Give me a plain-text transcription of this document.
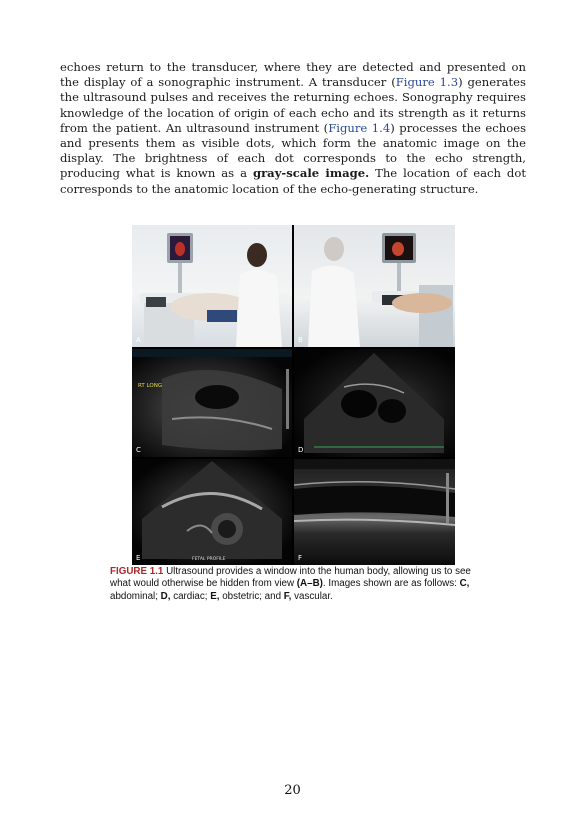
echoes return to the transducer, where they are detected and presented on the display of a sonographic instrument. A transducer (Figure 1.3) generates the ultrasound pulses and receives the returning echoes. Sonography requires knowledge of the location of origin of each echo and its strength as it returns from the patient. An ultrasound instrument (Figure 1.4) processes the echoes and presents them as visible dots, which form the anatomic image on the display. The brightness of each dot corresponds to the echo strength, producing what is known as a gray-scale image. The location of each dot corresponds to the anatomic location of the echo-generating structure.

A	B
RT LONG
C	D
FETAL PROFILE
E	F

FIGURE 1.1 Ultrasound provides a window into the human body, allowing us to see what would otherwise be hidden from view (A–B). Images shown are as follows: C, abdominal; D, cardiac; E, obstetric; and F, vascular.

20
